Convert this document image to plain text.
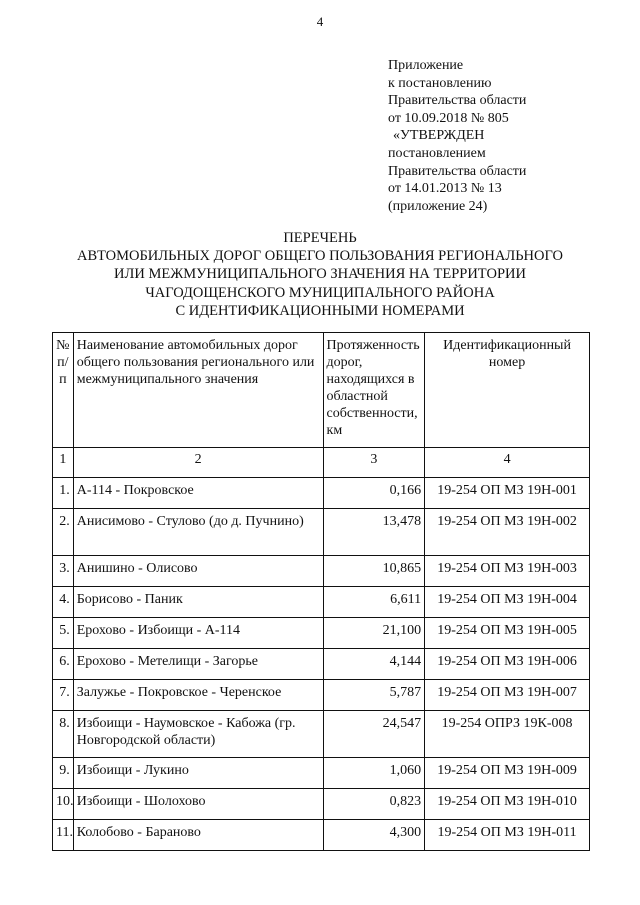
4
Приложение
к постановлению
Правительства области
от 10.09.2018 № 805
«УТВЕРЖДЕН
постановлением
Правительства области
от 14.01.2013 № 13
(приложение 24)
ПЕРЕЧЕНЬ
АВТОМОБИЛЬНЫХ ДОРОГ ОБЩЕГО ПОЛЬЗОВАНИЯ РЕГИОНАЛЬНОГО
ИЛИ МЕЖМУНИЦИПАЛЬНОГО ЗНАЧЕНИЯ НА ТЕРРИТОРИИ
ЧАГОДОЩЕНСКОГО МУНИЦИПАЛЬНОГО РАЙОНА
С ИДЕНТИФИКАЦИОННЫМИ НОМЕРАМИ
№ п/п	Наименование автомобильных дорог общего пользования регионального или межмуниципального значения	Протяженность дорог, находящихся в областной собственности, км	Идентификационный номер
1	2	3	4
1.	А-114 - Покровское	0,166	19-254 ОП МЗ 19Н-001
2.	Анисимово - Стулово (до д. Пучнино)	13,478	19-254 ОП МЗ 19Н-002
3.	Анишино - Олисово	10,865	19-254 ОП МЗ 19Н-003
4.	Борисово - Паник	6,611	19-254 ОП МЗ 19Н-004
5.	Ерохово - Избоищи - А-114	21,100	19-254 ОП МЗ 19Н-005
6.	Ерохово - Метелищи - Загорье	4,144	19-254 ОП МЗ 19Н-006
7.	Залужье - Покровское - Черенское	5,787	19-254 ОП МЗ 19Н-007
8.	Избоищи - Наумовское - Кабожа (гр. Новгородской области)	24,547	19-254 ОПРЗ 19К-008
9.	Избоищи - Лукино	1,060	19-254 ОП МЗ 19Н-009
10.	Избоищи - Шолохово	0,823	19-254 ОП МЗ 19Н-010
11.	Колобово - Бараново	4,300	19-254 ОП МЗ 19Н-011
